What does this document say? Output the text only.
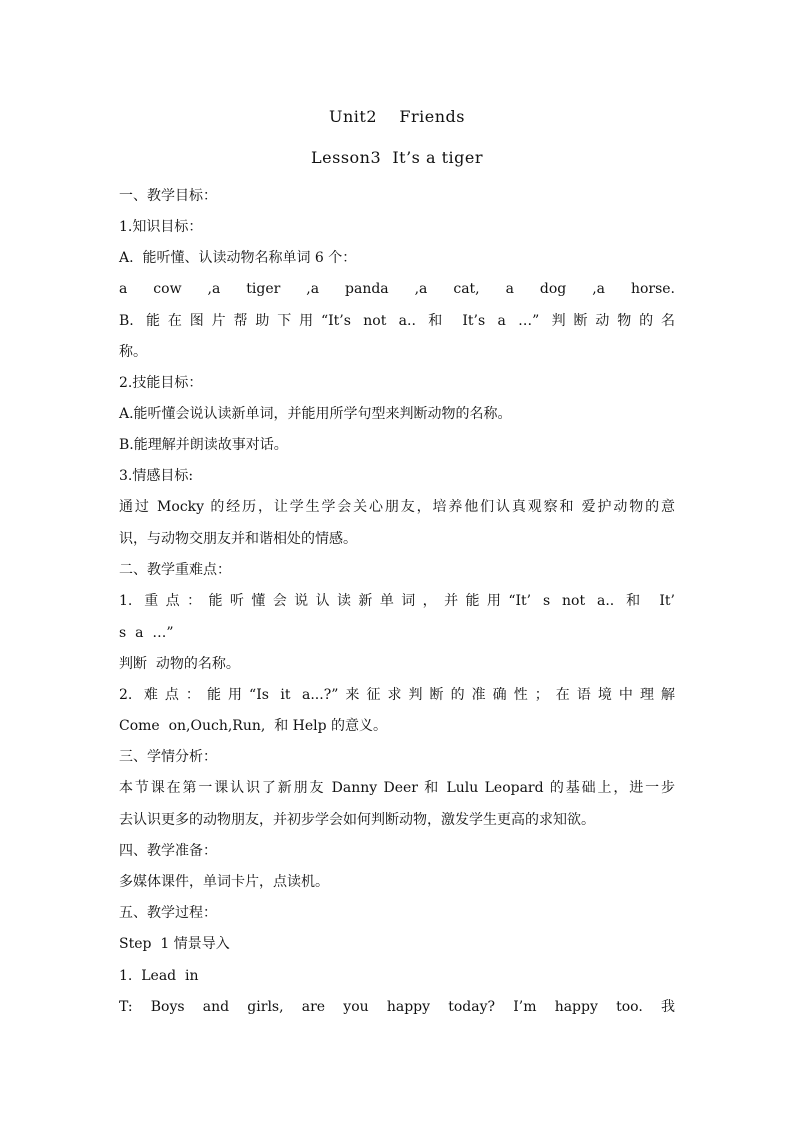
Unit2    Friends
Lesson3  It’s a tiger
一、教学目标：
1.知识目标：
A.  能听懂、认读动物名称单词 6 个：
a cow ,a tiger ,a panda ,a cat, a dog ,a horse.
B. 能在图片帮助下用“It’s not a.. 和 It’s a …” 判断动物的名
称。
2.技能目标：
A.能听懂会说认读新单词，并能用所学句型来判断动物的名称。
B.能理解并朗读故事对话。
3.情感目标:
通过 Mocky 的经历，让学生学会关心朋友，培养他们认真观察和 爱护动物的意
识，与动物交朋友并和谐相处的情感。
二、教学重难点：
1. 重点：能听懂会说认读新单词，并能用“It’ s not a.. 和 It’
s  a  …”
判断  动物的名称。
2. 难点：能用“Is it a...?”来征求判断的准确性；在语境中理解
Come  on,Ouch,Run,  和 Help 的意义。
三、学情分析：
本节课在第一课认识了新朋友 Danny Deer 和 Lulu Leopard 的基础上，进一步
去认识更多的动物朋友，并初步学会如何判断动物，激发学生更高的求知欲。
四、教学准备：
多媒体课件，单词卡片，点读机。
五、教学过程：
Step  1 情景导入
1.  Lead  in
T: Boys and girls, are you happy today? I’m happy too. 我
